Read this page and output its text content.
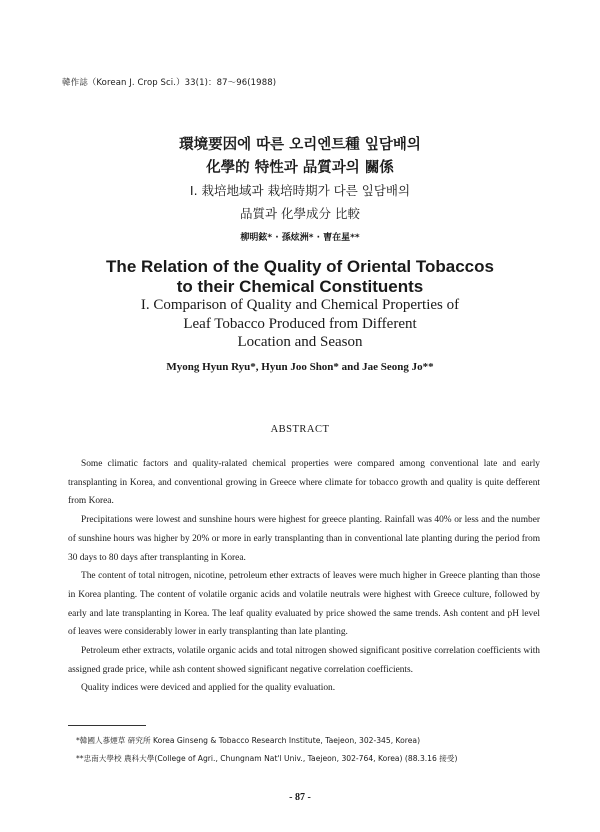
韓作誌（Korean J. Crop Sci.）33(1)：87～96(1988)
環境要因에 따른 오리엔트種 잎담배의
化學的 特性과 品質과의 關係
I. 栽培地域과 栽培時期가 다른 잎담배의
品質과 化學成分 比較
柳明鉉* · 孫炫洲* · 曺在星**
The Relation of the Quality of Oriental Tobaccos
to their Chemical Constituents
I. Comparison of Quality and Chemical Properties of
Leaf Tobacco Produced from Different
Location and Season
Myong Hyun Ryu*, Hyun Joo Shon* and Jae Seong Jo**
ABSTRACT

Some climatic factors and quality-ralated chemical properties were compared among conventional late and early transplanting in Korea, and conventional growing in Greece where climate for tobacco growth and quality is quite defferent from Korea.

Precipitations were lowest and sunshine hours were highest for greece planting. Rainfall was 40% or less and the number of sunshine hours was higher by 20% or more in early transplanting than in conventional late planting during the period from 30 days to 80 days after transplanting in Korea.

The content of total nitrogen, nicotine, petroleum ether extracts of leaves were much higher in Greece planting than those in Korea planting. The content of volatile organic acids and volatile neutrals were highest with Greece culture, followed by early and late transplanting in Korea. The leaf quality evaluated by price showed the same trends. Ash content and pH level of leaves were considerably lower in early transplanting than late planting.

Petroleum ether extracts, volatile organic acids and total nitrogen showed significant positive correlation coefficients with assigned grade price, while ash content showed significant negative correlation coefficients.

Quality indices were deviced and applied for the quality evaluation.

*韓國人蔘煙草 硏究所 Korea Ginseng & Tobacco Research Institute, Taejeon, 302-345, Korea)
**忠南大學校 農科大學(College of Agri., Chungnam Nat'l Univ., Taejeon, 302-764, Korea) (88.3.16 接受)
- 87 -
